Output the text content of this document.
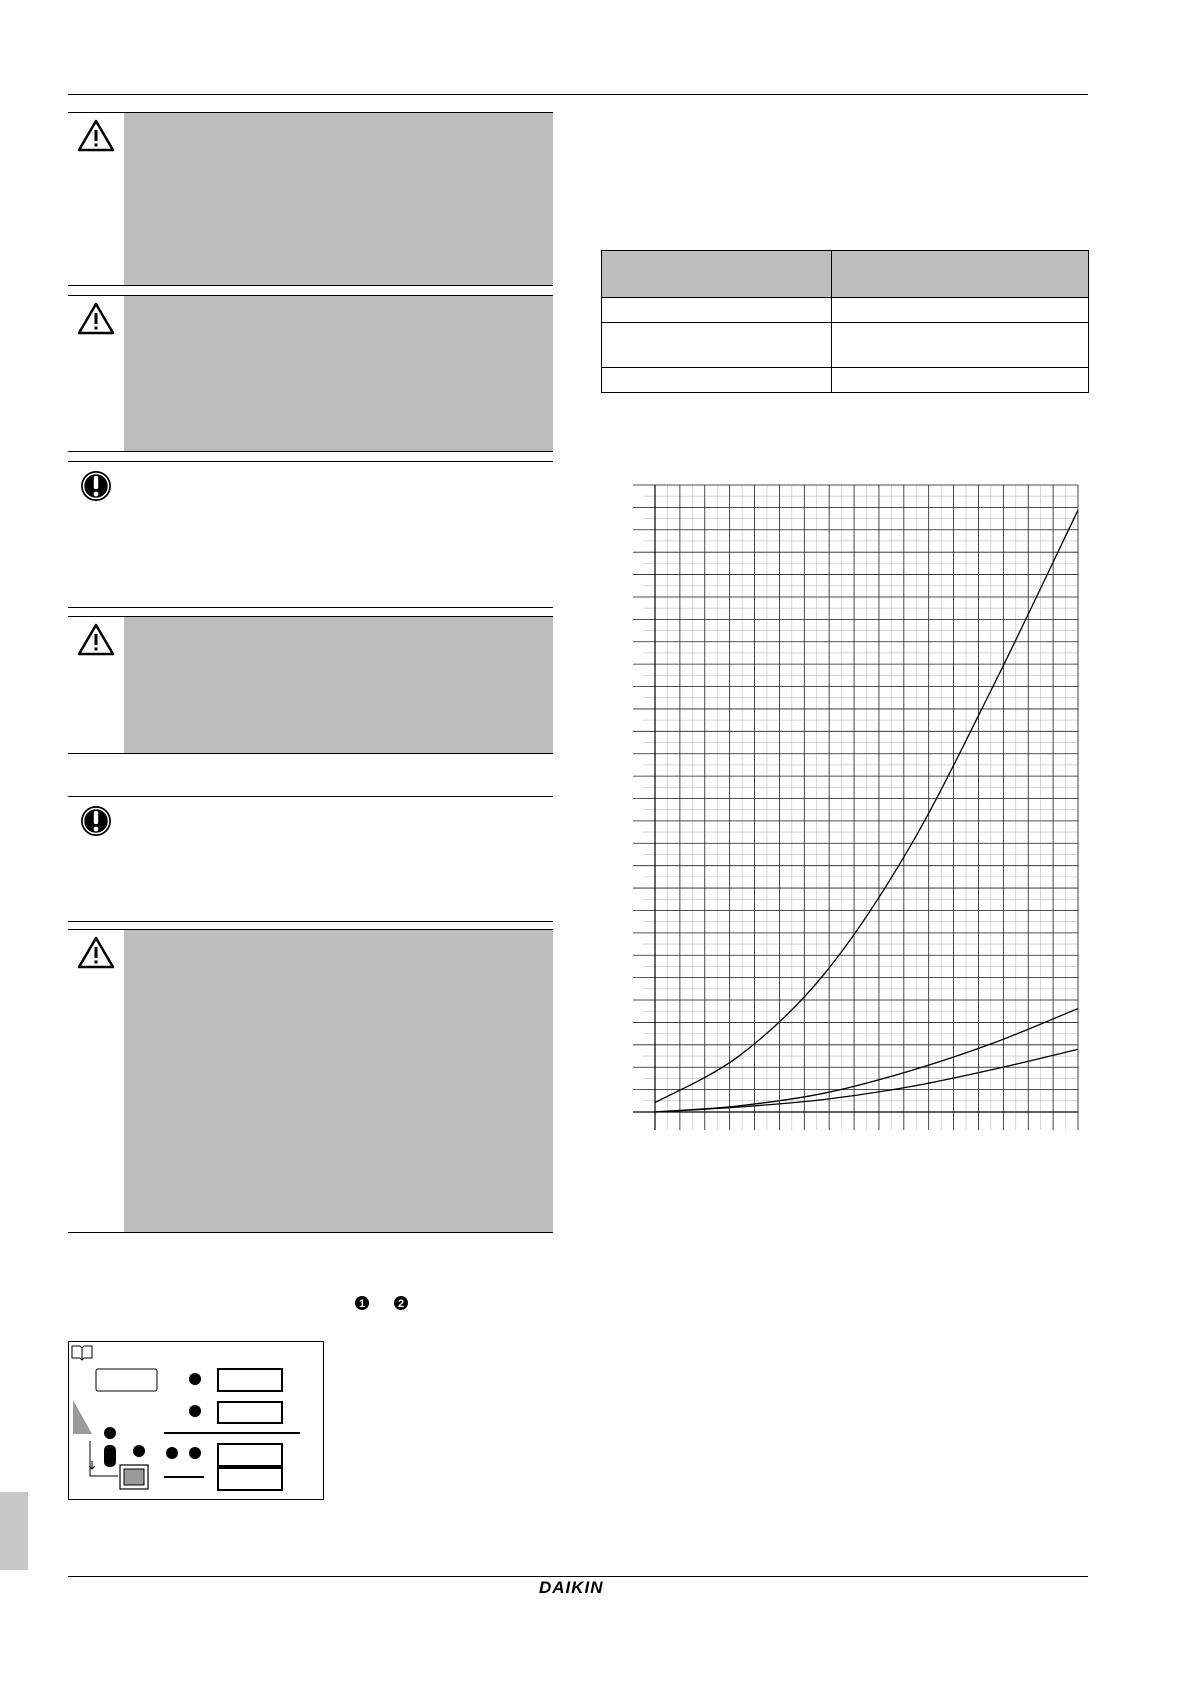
1	2

DAIKIN
